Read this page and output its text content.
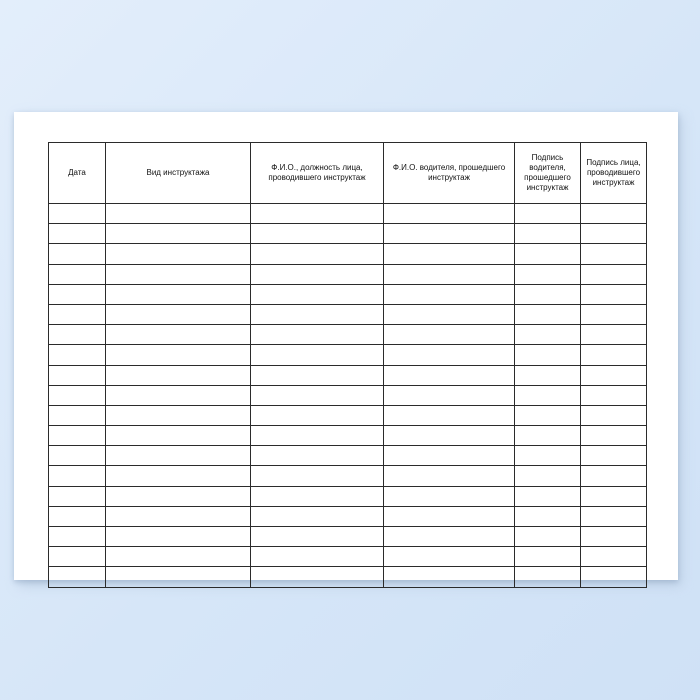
Дата	Вид инструктажа	Ф.И.О., должность лица, проводившего инструктаж	Ф.И.О. водителя, прошедшего инструктаж	Подпись водителя, прошедшего инструктаж	Подпись лица, проводившего инструктаж
